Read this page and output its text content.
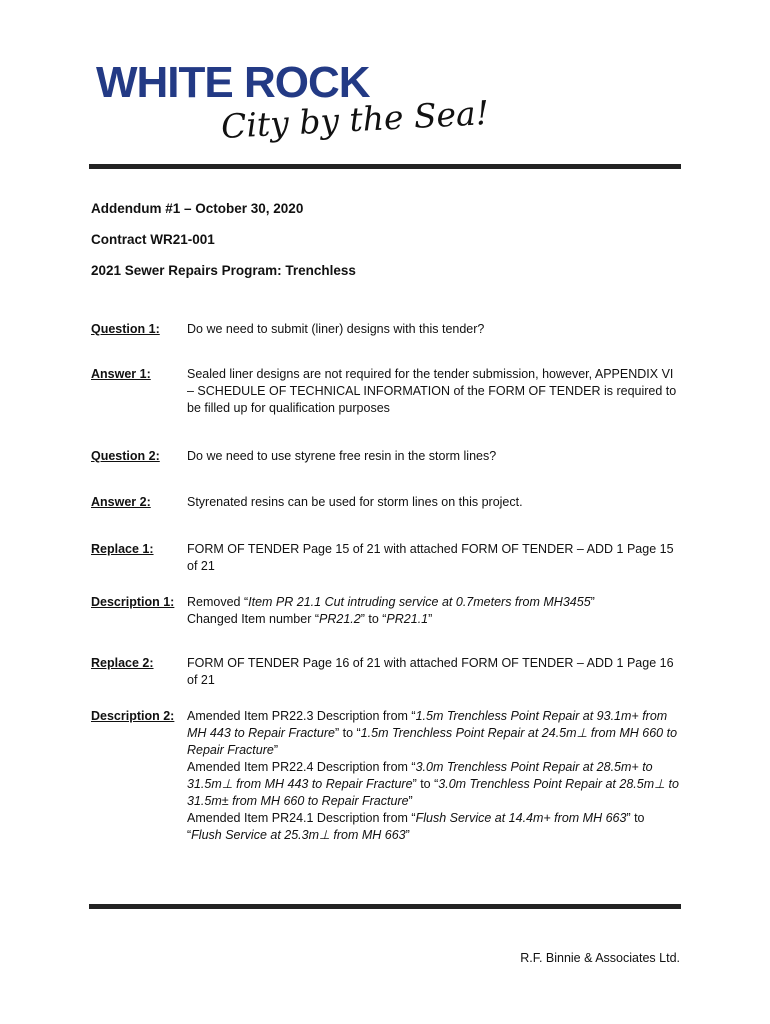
WHITE ROCK
City by the Sea!
Addendum #1 – October 30, 2020
Contract WR21-001
2021 Sewer Repairs Program: Trenchless
Question 1: Do we need to submit (liner) designs with this tender?

Answer 1:	Sealed liner designs are not required for the tender submission, however, APPENDIX VI – SCHEDULE OF TECHNICAL INFORMATION of the FORM OF TENDER is required to be filled up for qualification purposes

Question 2: Do we need to use styrene free resin in the storm lines?

Answer 2:	Styrenated resins can be used for storm lines on this project.

Replace 1:	FORM OF TENDER Page 15 of 21 with attached FORM OF TENDER – ADD 1 Page 15 of 21

Description 1: Removed “Item PR 21.1 Cut intruding service at 0.7meters from MH3455”

Changed Item number “PR21.2” to “PR21.1”

Replace 2:	FORM OF TENDER Page 16 of 21 with attached FORM OF TENDER – ADD 1 Page 16 of 21

Description 2: Amended Item PR22.3 Description from “1.5m Trenchless Point Repair at 93.1m+ from MH 443 to Repair Fracture” to “1.5m Trenchless Point Repair at 24.5m⊥ from MH 660 to Repair Fracture”

Amended Item PR22.4 Description from “3.0m Trenchless Point Repair at 28.5m+ to 31.5m⊥ from MH 443 to Repair Fracture” to “3.0m Trenchless Point Repair at 28.5m⊥ to 31.5m± from MH 660 to Repair Fracture”

Amended Item PR24.1 Description from “Flush Service at 14.4m+ from MH 663” to “Flush Service at 25.3m⊥ from MH 663”

R.F. Binnie & Associates Ltd.
